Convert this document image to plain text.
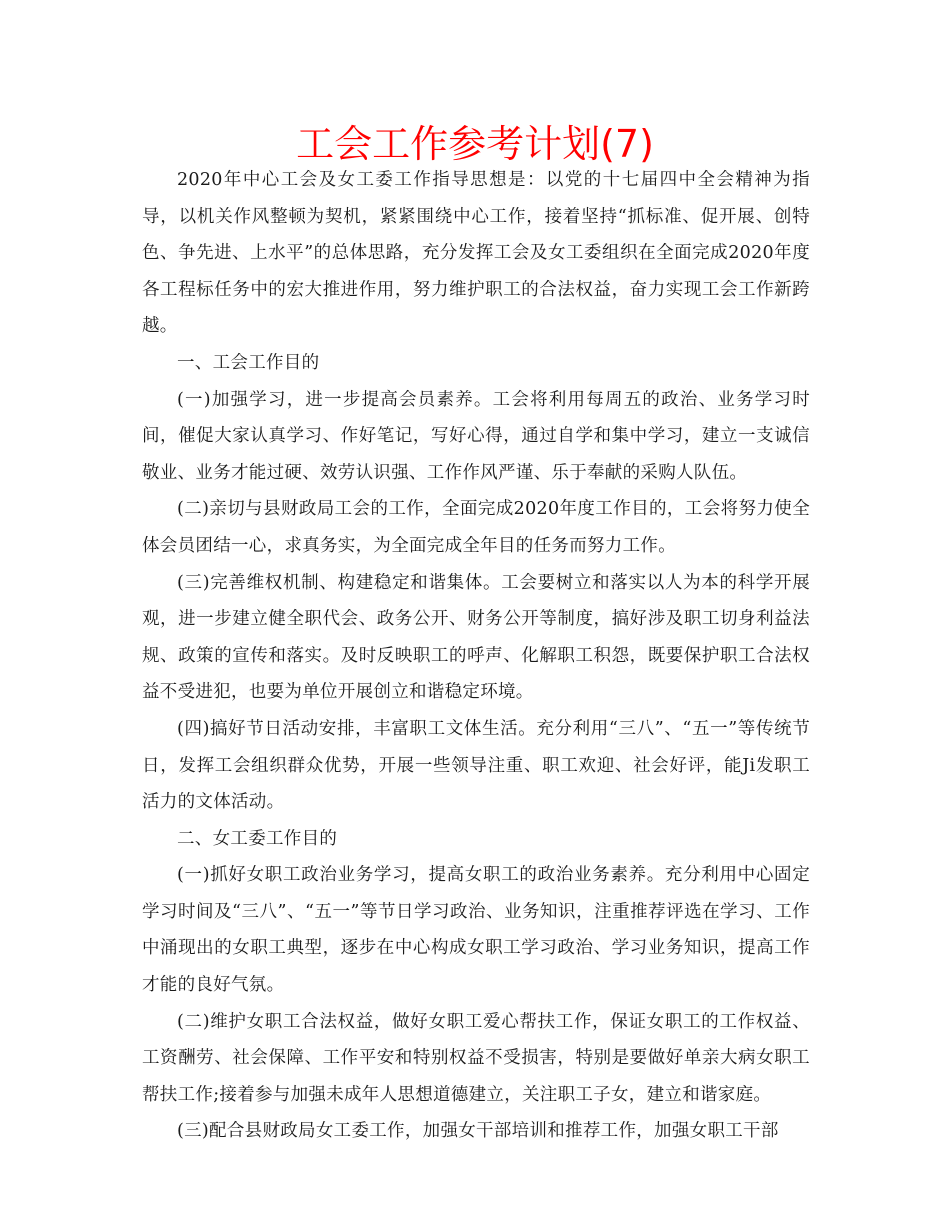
工会工作参考计划(7)

2020年中心工会及女工委工作指导思想是：以党的十七届四中全会精神为指导，以机关作风整顿为契机，紧紧围绕中心工作，接着坚持“抓标准、促开展、创特色、争先进、上水平”的总体思路，充分发挥工会及女工委组织在全面完成2020年度各工程标任务中的宏大推进作用，努力维护职工的合法权益，奋力实现工会工作新跨越。

一、工会工作目的

(一)加强学习，进一步提高会员素养。工会将利用每周五的政治、业务学习时间，催促大家认真学习、作好笔记，写好心得，通过自学和集中学习，建立一支诚信敬业、业务才能过硬、效劳认识强、工作作风严谨、乐于奉献的采购人队伍。

(二)亲切与县财政局工会的工作，全面完成2020年度工作目的，工会将努力使全体会员团结一心，求真务实，为全面完成全年目的任务而努力工作。

(三)完善维权机制、构建稳定和谐集体。工会要树立和落实以人为本的科学开展观，进一步建立健全职代会、政务公开、财务公开等制度，搞好涉及职工切身利益法规、政策的宣传和落实。及时反映职工的呼声、化解职工积怨，既要保护职工合法权益不受进犯，也要为单位开展创立和谐稳定环境。

(四)搞好节日活动安排，丰富职工文体生活。充分利用“三八”、“五一”等传统节日，发挥工会组织群众优势，开展一些领导注重、职工欢迎、社会好评，能Ji发职工活力的文体活动。

二、女工委工作目的

(一)抓好女职工政治业务学习，提高女职工的政治业务素养。充分利用中心固定学习时间及“三八”、“五一”等节日学习政治、业务知识，注重推荐评选在学习、工作中涌现出的女职工典型，逐步在中心构成女职工学习政治、学习业务知识，提高工作才能的良好气氛。

(二)维护女职工合法权益，做好女职工爱心帮扶工作，保证女职工的工作权益、工资酬劳、社会保障、工作平安和特别权益不受损害，特别是要做好单亲大病女职工帮扶工作;接着参与加强未成年人思想道德建立，关注职工子女，建立和谐家庭。

(三)配合县财政局女工委工作，加强女干部培训和推荐工作，加强女职工干部
